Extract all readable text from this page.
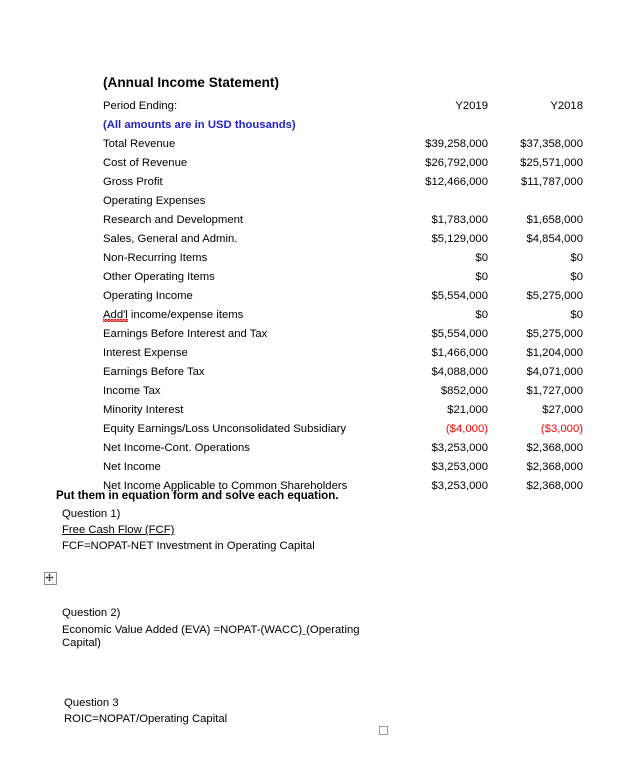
(Annual Income Statement)		
Period Ending:	Y2019	Y2018
(All amounts are in USD thousands)		
Total Revenue	$39,258,000	$37,358,000
Cost of Revenue	$26,792,000	$25,571,000
Gross Profit	$12,466,000	$11,787,000
Operating Expenses		
Research and Development	$1,783,000	$1,658,000
Sales, General and Admin.	$5,129,000	$4,854,000
Non-Recurring Items	$0	$0
Other Operating Items	$0	$0
Operating Income	$5,554,000	$5,275,000
Add'l income/expense items	$0	$0
Earnings Before Interest and Tax	$5,554,000	$5,275,000
Interest Expense	$1,466,000	$1,204,000
Earnings Before Tax	$4,088,000	$4,071,000
Income Tax	$852,000	$1,727,000
Minority Interest	$21,000	$27,000
Equity Earnings/Loss Unconsolidated Subsidiary	($4,000)	($3,000)
Net Income-Cont. Operations	$3,253,000	$2,368,000
Net Income	$3,253,000	$2,368,000
Net Income Applicable to Common Shareholders	$3,253,000	$2,368,000
Put them in equation form and solve each equation.
Question 1)
Free Cash Flow (FCF)
FCF=NOPAT-NET Investment in Operating Capital
Question 2)
Economic Value Added (EVA) =NOPAT-(WACC) (Operating
Capital)
Question 3
ROIC=NOPAT/Operating Capital
